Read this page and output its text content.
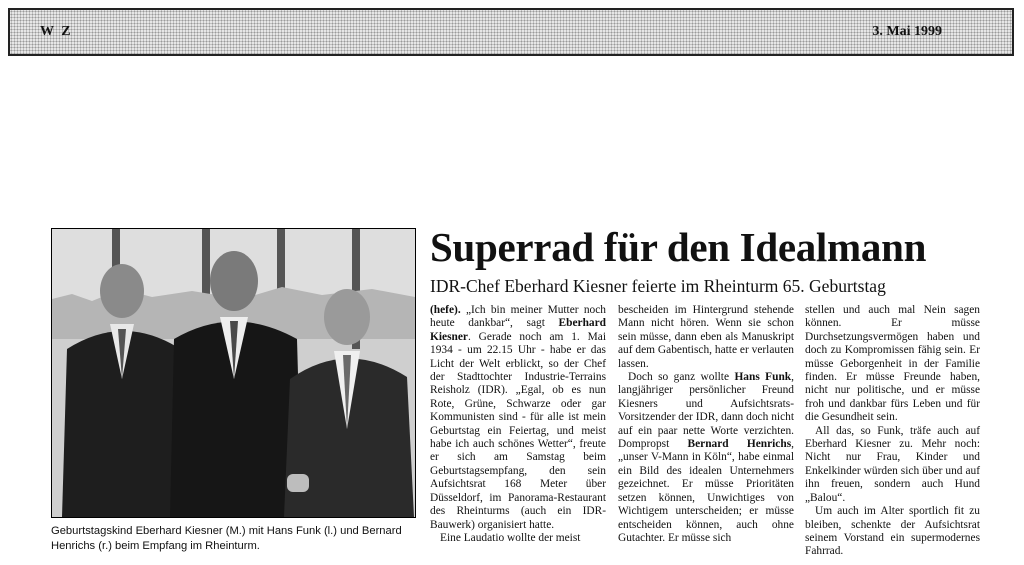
W Z	3. Mai 1999
Geburtstagskind Eberhard Kiesner (M.) mit Hans Funk (l.) und Bernard Henrichs (r.) beim Empfang im Rheinturm.
Superrad für den Idealmann
IDR-Chef Eberhard Kiesner feierte im Rheinturm 65. Geburtstag

(hefe). „Ich bin meiner Mutter noch heute dankbar“, sagt Eberhard Kiesner. Gerade noch am 1. Mai 1934 - um 22.15 Uhr - habe er das Licht der Welt erblickt, so der Chef der Stadttochter Industrie-Terrains Reisholz (IDR). „Egal, ob es nun Rote, Grüne, Schwarze oder gar Kommunisten sind - für alle ist mein Geburtstag ein Feiertag, und meist habe ich auch schönes Wetter“, freute er sich am Samstag beim Geburtstagsempfang, den sein Aufsichtsrat 168 Meter über Düsseldorf, im Panorama-Restaurant des Rheinturms (auch ein IDR-Bauwerk) organisiert hatte.

Eine Laudatio wollte der meist

bescheiden im Hintergrund stehende Mann nicht hören. Wenn sie schon sein müsse, dann eben als Manuskript auf dem Gabentisch, hatte er verlauten lassen.

Doch so ganz wollte Hans Funk, langjähriger persönlicher Freund Kiesners und Aufsichtsrats-Vorsitzender der IDR, dann doch nicht auf ein paar nette Worte verzichten. Dompropst Bernard Henrichs, „unser V-Mann in Köln“, habe einmal ein Bild des idealen Unternehmers gezeichnet. Er müsse Prioritäten setzen können, Unwichtiges von Wichtigem unterscheiden; er müsse entscheiden können, auch ohne Gutachter. Er müsse sich

stellen und auch mal Nein sagen können. Er müsse Durchsetzungsvermögen haben und doch zu Kompromissen fähig sein. Er müsse Geborgenheit in der Familie finden. Er müsse Freunde haben, nicht nur politische, und er müsse froh und dankbar fürs Leben und für die Gesundheit sein.

All das, so Funk, träfe auch auf Eberhard Kiesner zu. Mehr noch: Nicht nur Frau, Kinder und Enkelkinder würden sich über und auf ihn freuen, sondern auch Hund „Balou“.

Um auch im Alter sportlich fit zu bleiben, schenkte der Aufsichtsrat seinem Vorstand ein supermodernes Fahrrad.
